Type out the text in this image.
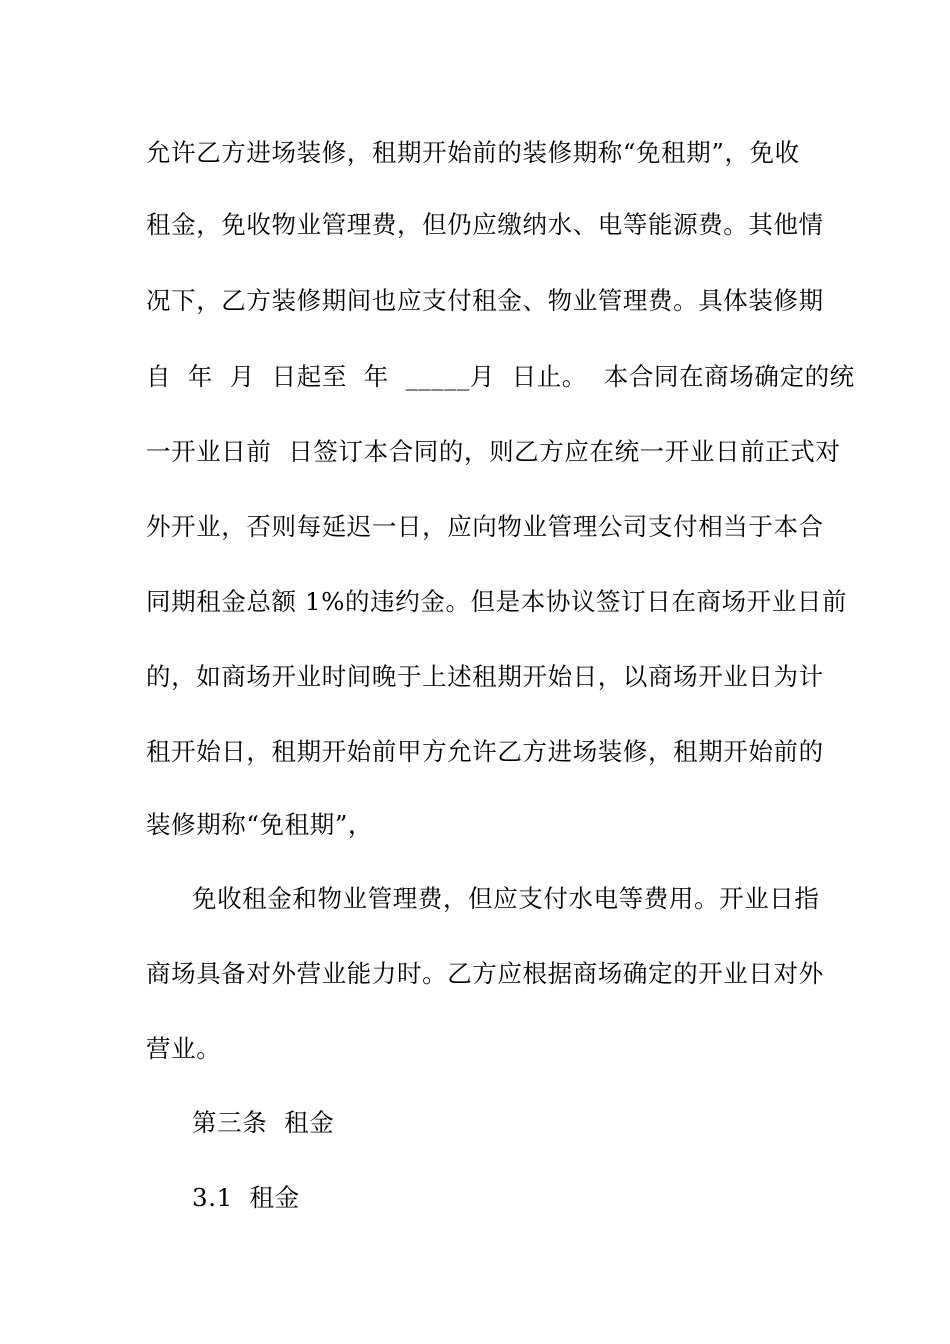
允许乙方进场装修，租期开始前的装修期称“免租期”，免收
租金，免收物业管理费，但仍应缴纳水、电等能源费。其他情
况下，乙方装修期间也应支付租金、物业管理费。具体装修期
自  年  月  日起至  年  _____月  日止。  本合同在商场确定的统
一开业日前  日签订本合同的，则乙方应在统一开业日前正式对
外开业，否则每延迟一日，应向物业管理公司支付相当于本合
同期租金总额 1%的违约金。但是本协议签订日在商场开业日前
的，如商场开业时间晚于上述租期开始日，以商场开业日为计
租开始日，租期开始前甲方允许乙方进场装修，租期开始前的
装修期称“免租期”，
免收租金和物业管理费，但应支付水电等费用。开业日指
商场具备对外营业能力时。乙方应根据商场确定的开业日对外
营业。
第三条  租金
3.1  租金
